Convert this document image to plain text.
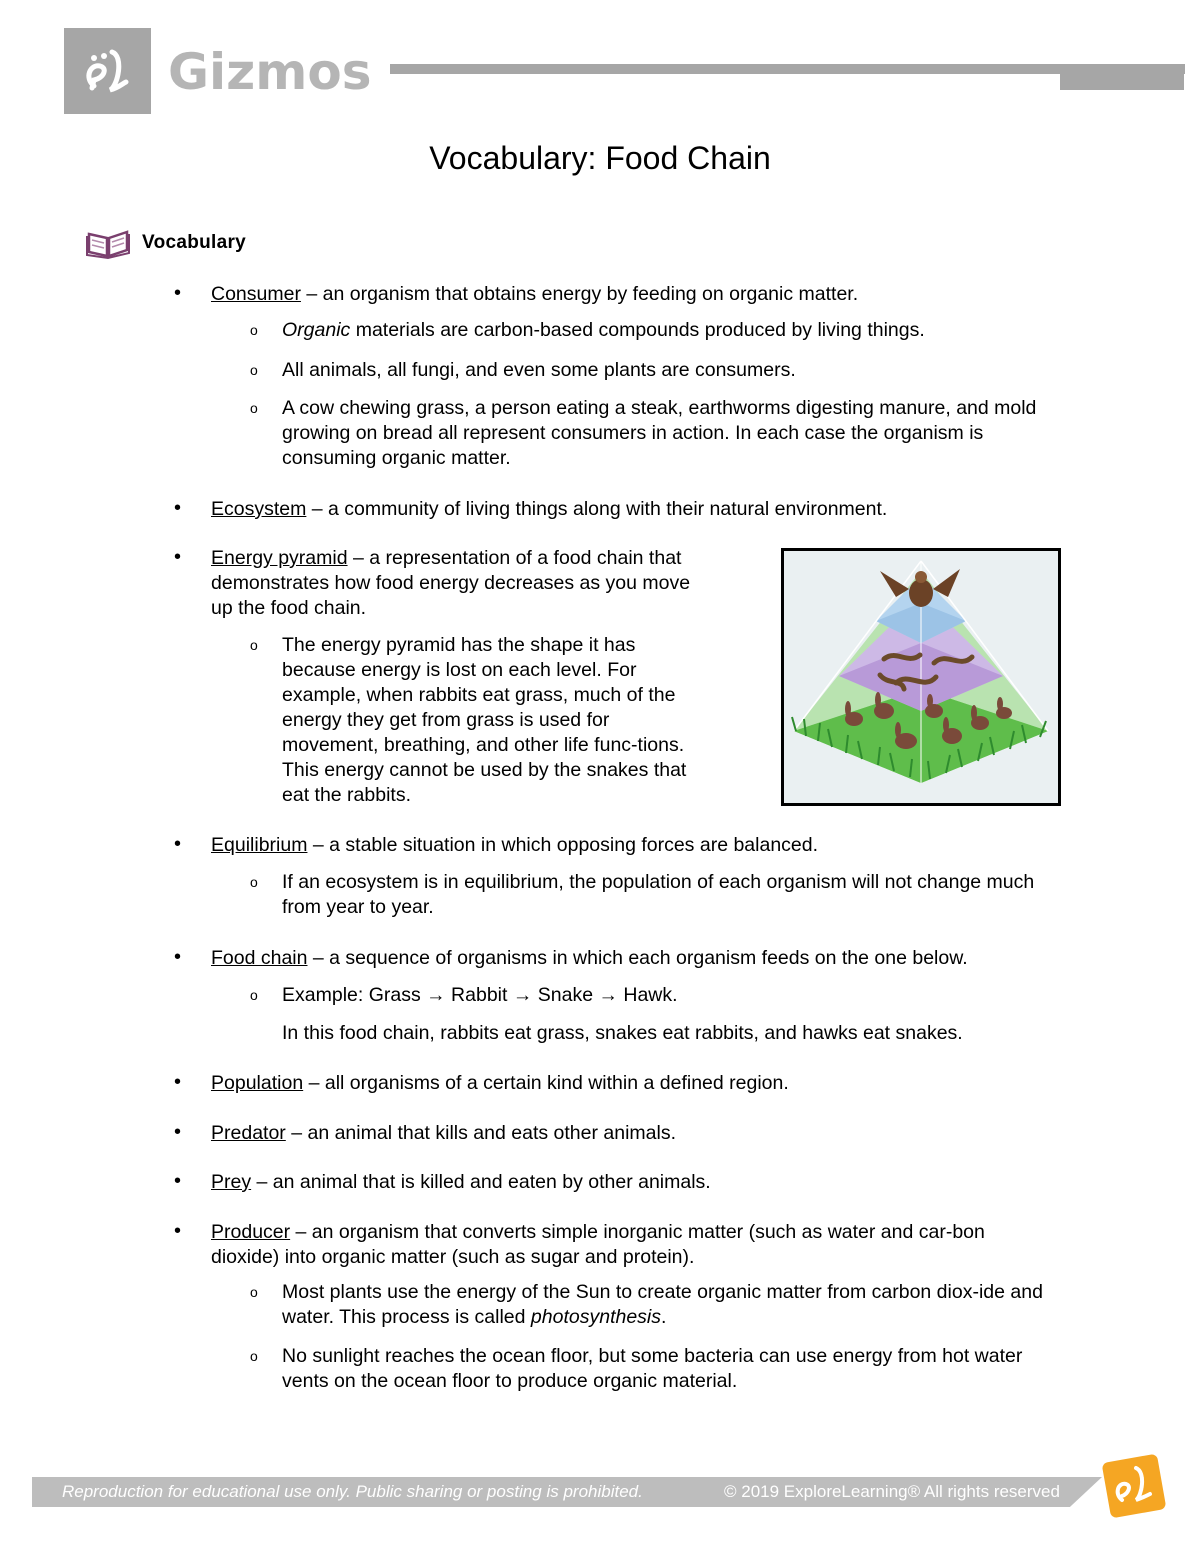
Gizmos
Vocabulary: Food Chain
Vocabulary
• Consumer – an organism that obtains energy by feeding on organic matter.

o Organic materials are carbon-based compounds produced by living things.

o All animals, all fungi, and even some plants are consumers.

o A cow chewing grass, a person eating a steak, earthworms digesting manure, and mold growing on bread all represent consumers in action. In each case the organism is consuming organic matter.

• Ecosystem – a community of living things along with their natural environment.

• Energy pyramid – a representation of a food chain that demonstrates how food energy decreases as you move up the food chain.

o The energy pyramid has the shape it has because energy is lost on each level. For example, when rabbits eat grass, much of the energy they get from grass is used for movement, breathing, and other life func-tions. This energy cannot be used by the snakes that eat the rabbits.

• Equilibrium – a stable situation in which opposing forces are balanced.

o If an ecosystem is in equilibrium, the population of each organism will not change much from year to year.

• Food chain – a sequence of organisms in which each organism feeds on the one below.

o Example: Grass → Rabbit → Snake → Hawk.

In this food chain, rabbits eat grass, snakes eat rabbits, and hawks eat snakes.

• Population – all organisms of a certain kind within a defined region.

• Predator – an animal that kills and eats other animals.

• Prey – an animal that is killed and eaten by other animals.

• Producer – an organism that converts simple inorganic matter (such as water and car-bon dioxide) into organic matter (such as sugar and protein).

o Most plants use the energy of the Sun to create organic matter from carbon diox-ide and water. This process is called photosynthesis.

o No sunlight reaches the ocean floor, but some bacteria can use energy from hot water vents on the ocean floor to produce organic material.

Reproduction for educational use only. Public sharing or posting is prohibited.	© 2019 ExploreLearning® All rights reserved
